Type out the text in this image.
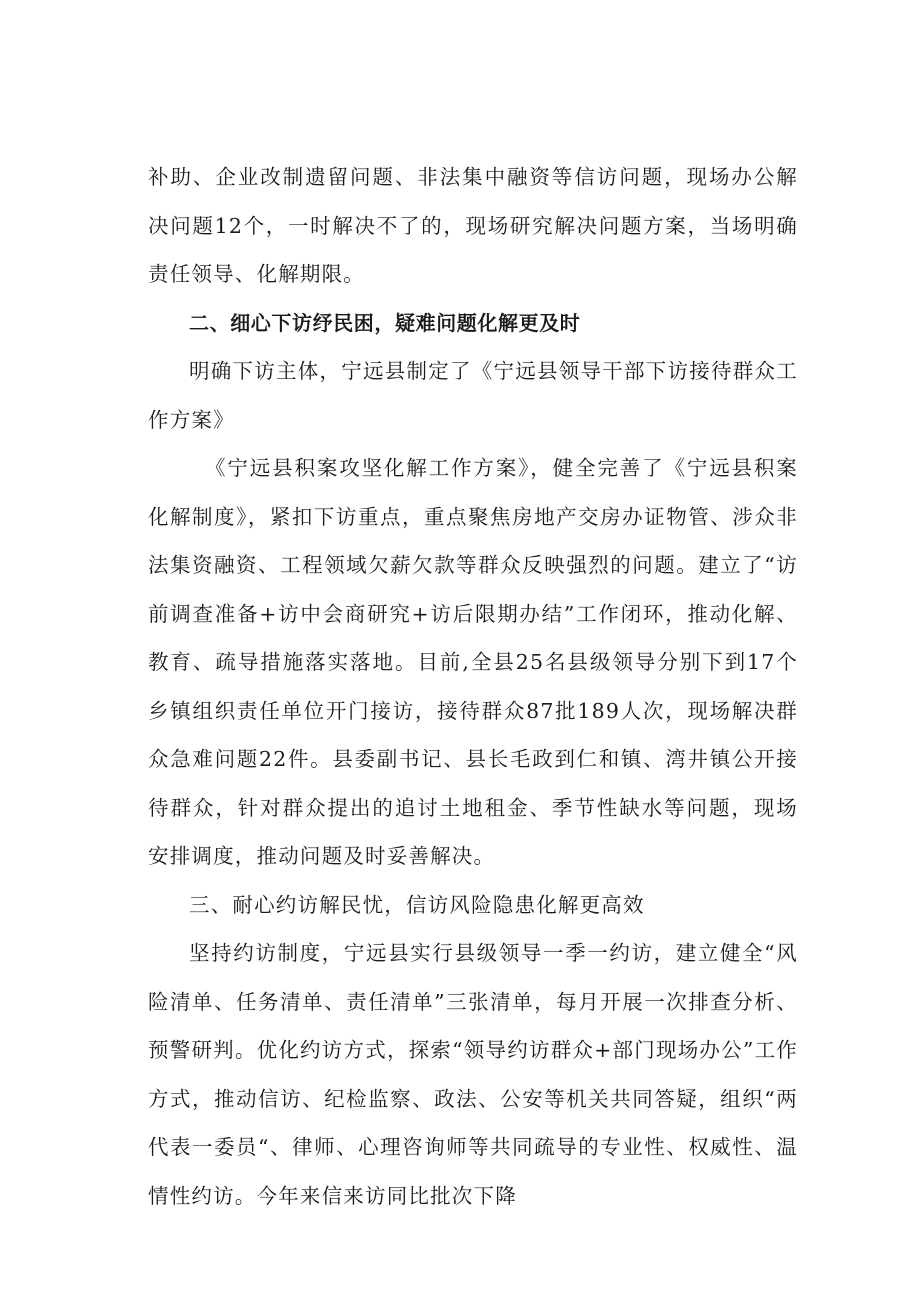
补助、企业改制遗留问题、非法集中融资等信访问题，现场办公解决问题12个，一时解决不了的，现场研究解决问题方案，当场明确责任领导、化解期限。

二、细心下访纾民困，疑难问题化解更及时

明确下访主体，宁远县制定了《宁远县领导干部下访接待群众工作方案》

《宁远县积案攻坚化解工作方案》，健全完善了《宁远县积案化解制度》，紧扣下访重点，重点聚焦房地产交房办证物管、涉众非法集资融资、工程领域欠薪欠款等群众反映强烈的问题。建立了“访前调查准备+访中会商研究+访后限期办结”工作闭环，推动化解、教育、疏导措施落实落地。目前,全县25名县级领导分别下到17个乡镇组织责任单位开门接访，接待群众87批189人次，现场解决群众急难问题22件。县委副书记、县长毛政到仁和镇、湾井镇公开接待群众，针对群众提出的追讨土地租金、季节性缺水等问题，现场安排调度，推动问题及时妥善解决。

三、耐心约访解民忧，信访风险隐患化解更高效

坚持约访制度，宁远县实行县级领导一季一约访，建立健全“风险清单、任务清单、责任清单”三张清单，每月开展一次排查分析、预警研判。优化约访方式，探索“领导约访群众+部门现场办公”工作方式，推动信访、纪检监察、政法、公安等机关共同答疑，组织“两代表一委员“、律师、心理咨询师等共同疏导的专业性、权威性、温情性约访。今年来信来访同比批次下降
